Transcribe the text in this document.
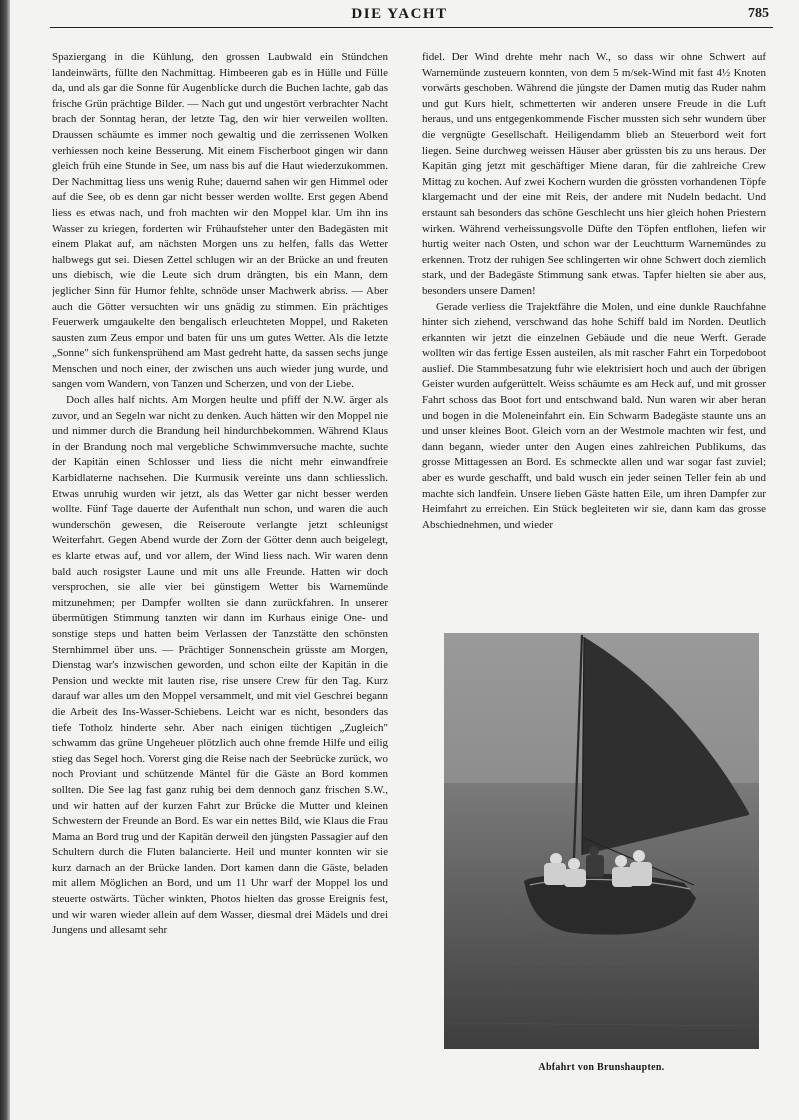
DIE YACHT	785

Spaziergang in die Kühlung, den grossen Laubwald ein Stündchen landeinwärts, füllte den Nachmittag. Himbeeren gab es in Hülle und Fülle da, und als gar die Sonne für Augenblicke durch die Buchen lachte, gab das frische Grün prächtige Bilder. — Nach gut und ungestört verbrachter Nacht brach der Sonntag heran, der letzte Tag, den wir hier verweilen wollten. Draussen schäumte es immer noch gewaltig und die zerrissenen Wolken verhiessen noch keine Besserung. Mit einem Fischerboot gingen wir dann gleich früh eine Stunde in See, um nass bis auf die Haut wiederzukommen. Der Nachmittag liess uns wenig Ruhe; dauernd sahen wir gen Himmel oder auf die See, ob es denn gar nicht besser werden wollte. Erst gegen Abend liess es etwas nach, und froh machten wir den Moppel klar. Um ihn ins Wasser zu kriegen, forderten wir Frühaufsteher unter den Badegästen mit einem Plakat auf, am nächsten Morgen uns zu helfen, falls das Wetter halbwegs gut sei. Diesen Zettel schlugen wir an der Brücke an und freuten uns diebisch, wie die Leute sich drum drängten, bis ein Mann, dem jeglicher Sinn für Humor fehlte, schnöde unser Machwerk abriss. — Aber auch die Götter versuchten wir uns gnädig zu stimmen. Ein prächtiges Feuerwerk umgaukelte den bengalisch erleuchteten Moppel, und Raketen sausten zum Zeus empor und baten für uns um gutes Wetter. Als die letzte „Sonne" sich funkensprühend am Mast gedreht hatte, da sassen sechs junge Menschen und noch einer, der zwischen uns auch wieder jung wurde, und sangen vom Wandern, von Tanzen und Scherzen, und von der Liebe.

Doch alles half nichts. Am Morgen heulte und pfiff der N.W. ärger als zuvor, und an Segeln war nicht zu denken. Auch hätten wir den Moppel nie und nimmer durch die Brandung heil hindurchbekommen. Während Klaus in der Brandung noch mal vergebliche Schwimmversuche machte, suchte der Kapitän einen Schlosser und liess die nicht mehr einwandfreie Karbidlaterne nachsehen. Die Kurmusik vereinte uns dann schliesslich. Etwas unruhig wurden wir jetzt, als das Wetter gar nicht besser werden wollte. Fünf Tage dauerte der Aufenthalt nun schon, und waren die auch wunderschön gewesen, die Reiseroute verlangte jetzt schleunigst Weiterfahrt. Gegen Abend wurde der Zorn der Götter denn auch beigelegt, es klarte etwas auf, und vor allem, der Wind liess nach. Wir waren denn bald auch rosigster Laune und mit uns alle Freunde. Hatten wir doch versprochen, sie alle vier bei günstigem Wetter bis Warnemünde mitzunehmen; per Dampfer wollten sie dann zurückfahren. In unserer übermütigen Stimmung tanzten wir dann im Kurhaus einige One- und sonstige steps und hatten beim Verlassen der Tanzstätte den schönsten Sternhimmel über uns. — Prächtiger Sonnenschein grüsste am Morgen, Dienstag war's inzwischen geworden, und schon eilte der Kapitän in die Pension und weckte mit lauten rise, rise unsere Crew für den Tag. Kurz darauf war alles um den Moppel versammelt, und mit viel Geschrei begann die Arbeit des Ins-Wasser-Schiebens. Leicht war es nicht, besonders das tiefe Totholz hinderte sehr. Aber nach einigen tüchtigen „Zugleich" schwamm das grüne Ungeheuer plötzlich auch ohne fremde Hilfe und eilig stieg das Segel hoch. Vorerst ging die Reise nach der Seebrücke zurück, wo noch Proviant und schützende Mäntel für die Gäste an Bord kommen sollten. Die See lag fast ganz ruhig bei dem dennoch ganz frischen S.W., und wir hatten auf der kurzen Fahrt zur Brücke die Mutter und kleinen Schwestern der Freunde an Bord. Es war ein nettes Bild, wie Klaus die Frau Mama an Bord trug und der Kapitän derweil den jüngsten Passagier auf den Schultern durch die Fluten balancierte. Heil und munter konnten wir sie kurz darnach an der Brücke landen. Dort kamen dann die Gäste, beladen mit allem Möglichen an Bord, und um 11 Uhr warf der Moppel los und steuerte ostwärts. Tücher winkten, Photos hielten das grosse Ereignis fest, und wir waren wieder allein auf dem Wasser, diesmal drei Mädels und drei Jungens und allesamt sehr

fidel. Der Wind drehte mehr nach W., so dass wir ohne Schwert auf Warnemünde zusteuern konnten, von dem 5 m/sek-Wind mit fast 4½ Knoten vorwärts geschoben. Während die jüngste der Damen mutig das Ruder nahm und gut Kurs hielt, schmetterten wir anderen unsere Freude in die Luft heraus, und uns entgegenkommende Fischer mussten sich sehr wundern über die vergnügte Gesellschaft. Heiligendamm blieb an Steuerbord weit fort liegen. Seine durchweg weissen Häuser aber grüssten bis zu uns heraus. Der Kapitän ging jetzt mit geschäftiger Miene daran, für die zahlreiche Crew Mittag zu kochen. Auf zwei Kochern wurden die grössten vorhandenen Töpfe klargemacht und der eine mit Reis, der andere mit Nudeln bedacht. Und erstaunt sah besonders das schöne Geschlecht uns hier gleich hohen Priestern wirken. Während verheissungsvolle Düfte den Töpfen entflohen, liefen wir hurtig weiter nach Osten, und schon war der Leuchtturm Warnemündes zu erkennen. Trotz der ruhigen See schlingerten wir ohne Schwert doch ziemlich stark, und der Badegäste Stimmung sank etwas. Tapfer hielten sie aber aus, besonders unsere Damen!

Gerade verliess die Trajektfähre die Molen, und eine dunkle Rauchfahne hinter sich ziehend, verschwand das hohe Schiff bald im Norden. Deutlich erkannten wir jetzt die einzelnen Gebäude und die neue Werft. Gerade wollten wir das fertige Essen austeilen, als mit rascher Fahrt ein Torpedoboot auslief. Die Stammbesatzung fuhr wie elektrisiert hoch und auch der übrigen Geister wurden aufgerüttelt. Weiss schäumte es am Heck auf, und mit grosser Fahrt schoss das Boot fort und entschwand bald. Nun waren wir aber heran und bogen in die Moleneinfahrt ein. Ein Schwarm Badegäste staunte uns an und unser kleines Boot. Gleich vorn an der Westmole machten wir fest, und dann begann, wieder unter den Augen eines zahlreichen Publikums, das grosse Mittagessen an Bord. Es schmeckte allen und war sogar fast zuviel; aber es wurde geschafft, und bald wusch ein jeder seinen Teller fein ab und machte sich landfein. Unsere lieben Gäste hatten Eile, um ihren Dampfer zur Heimfahrt zu erreichen. Ein Stück begleiteten wir sie, dann kam das grosse Abschiednehmen, und wieder

Abfahrt von Brunshaupten.
